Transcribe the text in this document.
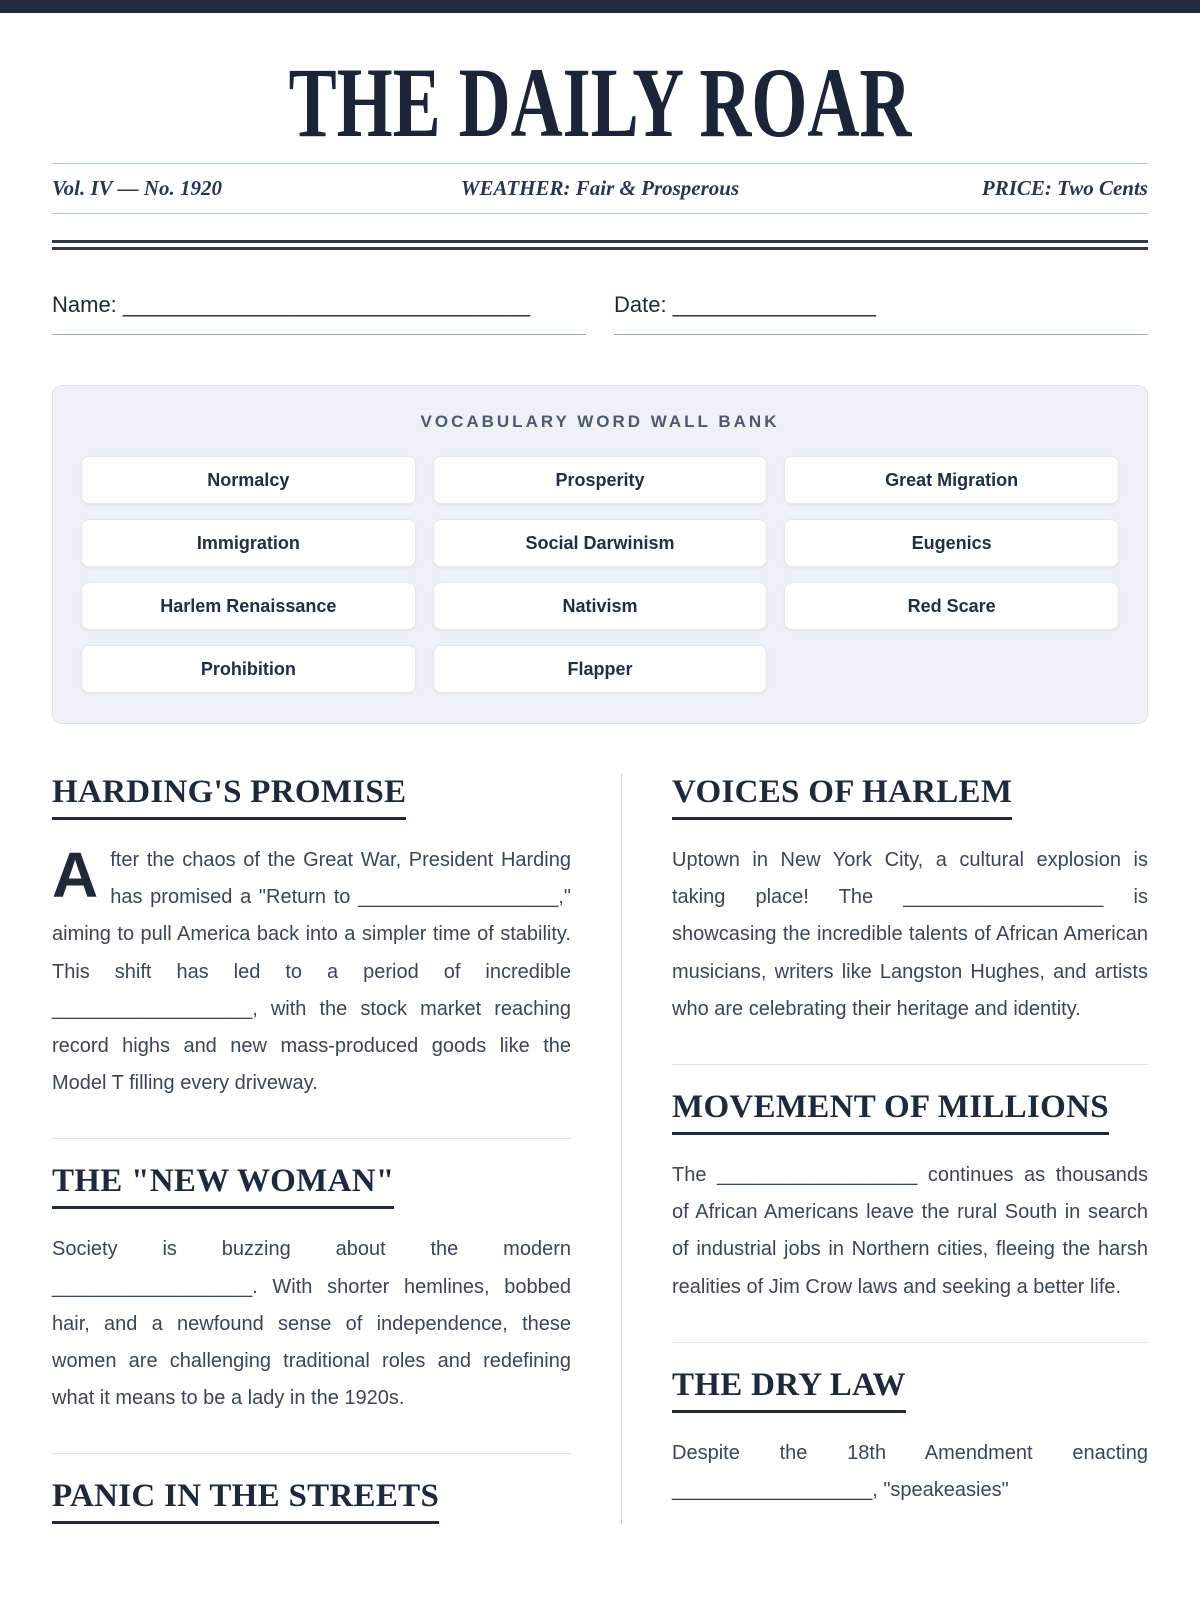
THE DAILY ROAR
Vol. IV — No. 1920	WEATHER: Fair & Prosperous	PRICE: Two Cents
Name: ________________________________	Date: ________________
VOCABULARY WORD WALL BANK
Normalcy	Prosperity	Great Migration
Immigration	Social Darwinism	Eugenics
Harlem Renaissance	Nativism	Red Scare
Prohibition	Flapper
HARDING'S PROMISE

After the chaos of the Great War, President Harding has promised a "Return to __________________," aiming to pull America back into a simpler time of stability. This shift has led to a period of incredible __________________, with the stock market reaching record highs and new mass-produced goods like the Model T filling every driveway.

THE "NEW WOMAN"

Society is buzzing about the modern __________________. With shorter hemlines, bobbed hair, and a newfound sense of independence, these women are challenging traditional roles and redefining what it means to be a lady in the 1920s.

PANIC IN THE STREETS
VOICES OF HARLEM

Uptown in New York City, a cultural explosion is taking place! The __________________ is showcasing the incredible talents of African American musicians, writers like Langston Hughes, and artists who are celebrating their heritage and identity.

MOVEMENT OF MILLIONS

The __________________ continues as thousands of African Americans leave the rural South in search of industrial jobs in Northern cities, fleeing the harsh realities of Jim Crow laws and seeking a better life.

THE DRY LAW

Despite the 18th Amendment enacting __________________, "speakeasies"
